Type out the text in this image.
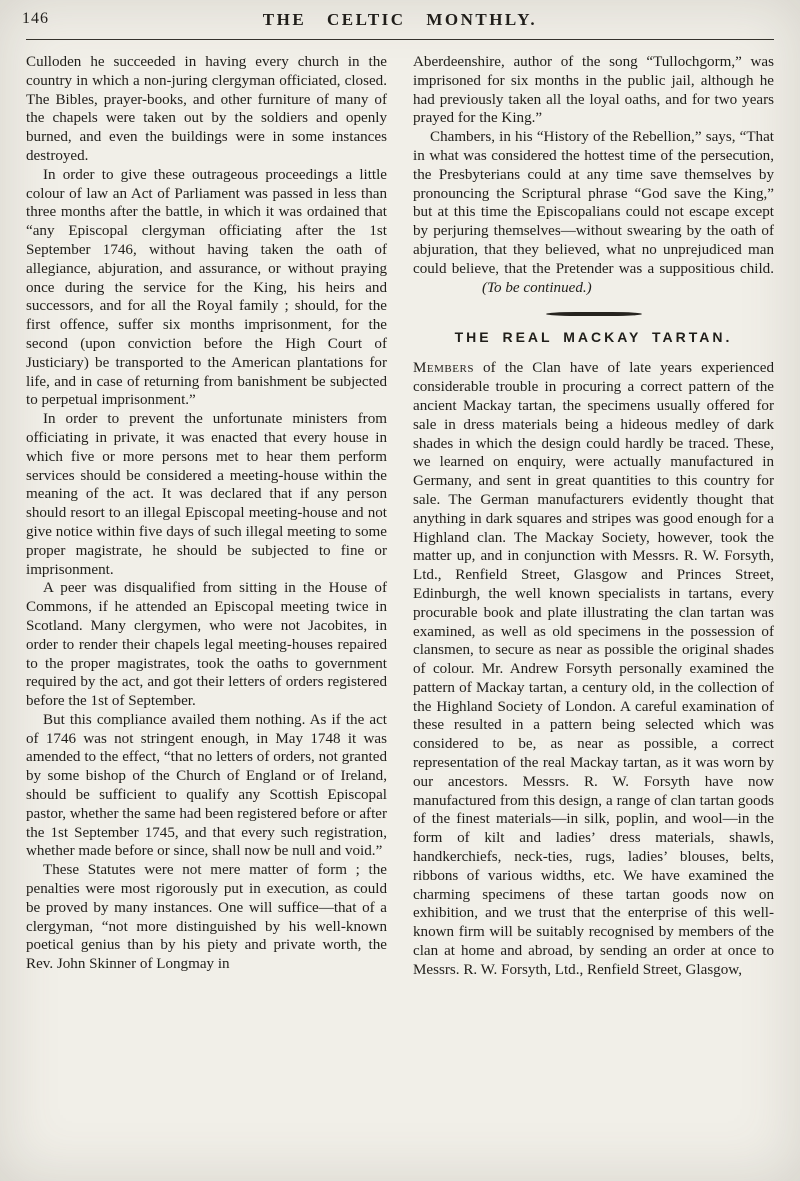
146	THE CELTIC MONTHLY.

Culloden he succeeded in having every church in the country in which a non-juring clergyman officiated, closed. The Bibles, prayer-books, and other furniture of many of the chapels were taken out by the soldiers and openly burned, and even the buildings were in some instances destroyed.

In order to give these outrageous proceedings a little colour of law an Act of Parliament was passed in less than three months after the battle, in which it was ordained that “any Episcopal clergyman officiating after the 1st September 1746, without having taken the oath of allegiance, abjuration, and assurance, or without praying once during the service for the King, his heirs and successors, and for all the Royal family ; should, for the first offence, suffer six months imprisonment, for the second (upon conviction before the High Court of Justiciary) be transported to the American plantations for life, and in case of returning from banishment be subjected to perpetual imprisonment.”

In order to prevent the unfortunate ministers from officiating in private, it was enacted that every house in which five or more persons met to hear them perform services should be considered a meeting-house within the meaning of the act. It was declared that if any person should resort to an illegal Episcopal meeting-house and not give notice within five days of such illegal meeting to some proper magistrate, he should be subjected to fine or imprisonment.

A peer was disqualified from sitting in the House of Commons, if he attended an Episcopal meeting twice in Scotland. Many clergymen, who were not Jacobites, in order to render their chapels legal meeting-houses repaired to the proper magistrates, took the oaths to government required by the act, and got their letters of orders registered before the 1st of September.

But this compliance availed them nothing. As if the act of 1746 was not stringent enough, in May 1748 it was amended to the effect, “that no letters of orders, not granted by some bishop of the Church of England or of Ireland, should be sufficient to qualify any Scottish Episcopal pastor, whether the same had been registered before or after the 1st September 1745, and that every such registration, whether made before or since, shall now be null and void.”

These Statutes were not mere matter of form ; the penalties were most rigorously put in execution, as could be proved by many instances. One will suffice—that of a clergyman, “not more distinguished by his well-known poetical genius than by his piety and private worth, the Rev. John Skinner of Longmay in

Aberdeenshire, author of the song “Tullochgorm,” was imprisoned for six months in the public jail, although he had previously taken all the loyal oaths, and for two years prayed for the King.”

Chambers, in his “History of the Rebellion,” says, “That in what was considered the hottest time of the persecution, the Presbyterians could at any time save themselves by pronouncing the Scriptural phrase “God save the King,” but at this time the Episcopalians could not escape except by perjuring themselves—without swearing by the oath of abjuration, that they believed, what no unprejudiced man could believe, that the Pretender was a suppositious child.(To be continued.)

THE REAL MACKAY TARTAN.

Members of the Clan have of late years experienced considerable trouble in procuring a correct pattern of the ancient Mackay tartan, the specimens usually offered for sale in dress materials being a hideous medley of dark shades in which the design could hardly be traced. These, we learned on enquiry, were actually manufactured in Germany, and sent in great quantities to this country for sale. The German manufacturers evidently thought that anything in dark squares and stripes was good enough for a Highland clan. The Mackay Society, however, took the matter up, and in conjunction with Messrs. R. W. Forsyth, Ltd., Renfield Street, Glasgow and Princes Street, Edinburgh, the well known specialists in tartans, every procurable book and plate illustrating the clan tartan was examined, as well as old specimens in the possession of clansmen, to secure as near as possible the original shades of colour. Mr. Andrew Forsyth personally examined the pattern of Mackay tartan, a century old, in the collection of the Highland Society of London. A careful examination of these resulted in a pattern being selected which was considered to be, as near as possible, a correct representation of the real Mackay tartan, as it was worn by our ancestors. Messrs. R. W. Forsyth have now manufactured from this design, a range of clan tartan goods of the finest materials—in silk, poplin, and wool—in the form of kilt and ladies’ dress materials, shawls, handkerchiefs, neck-ties, rugs, ladies’ blouses, belts, ribbons of various widths, etc. We have examined the charming specimens of these tartan goods now on exhibition, and we trust that the enterprise of this well-known firm will be suitably recognised by members of the clan at home and abroad, by sending an order at once to Messrs. R. W. Forsyth, Ltd., Renfield Street, Glasgow,
